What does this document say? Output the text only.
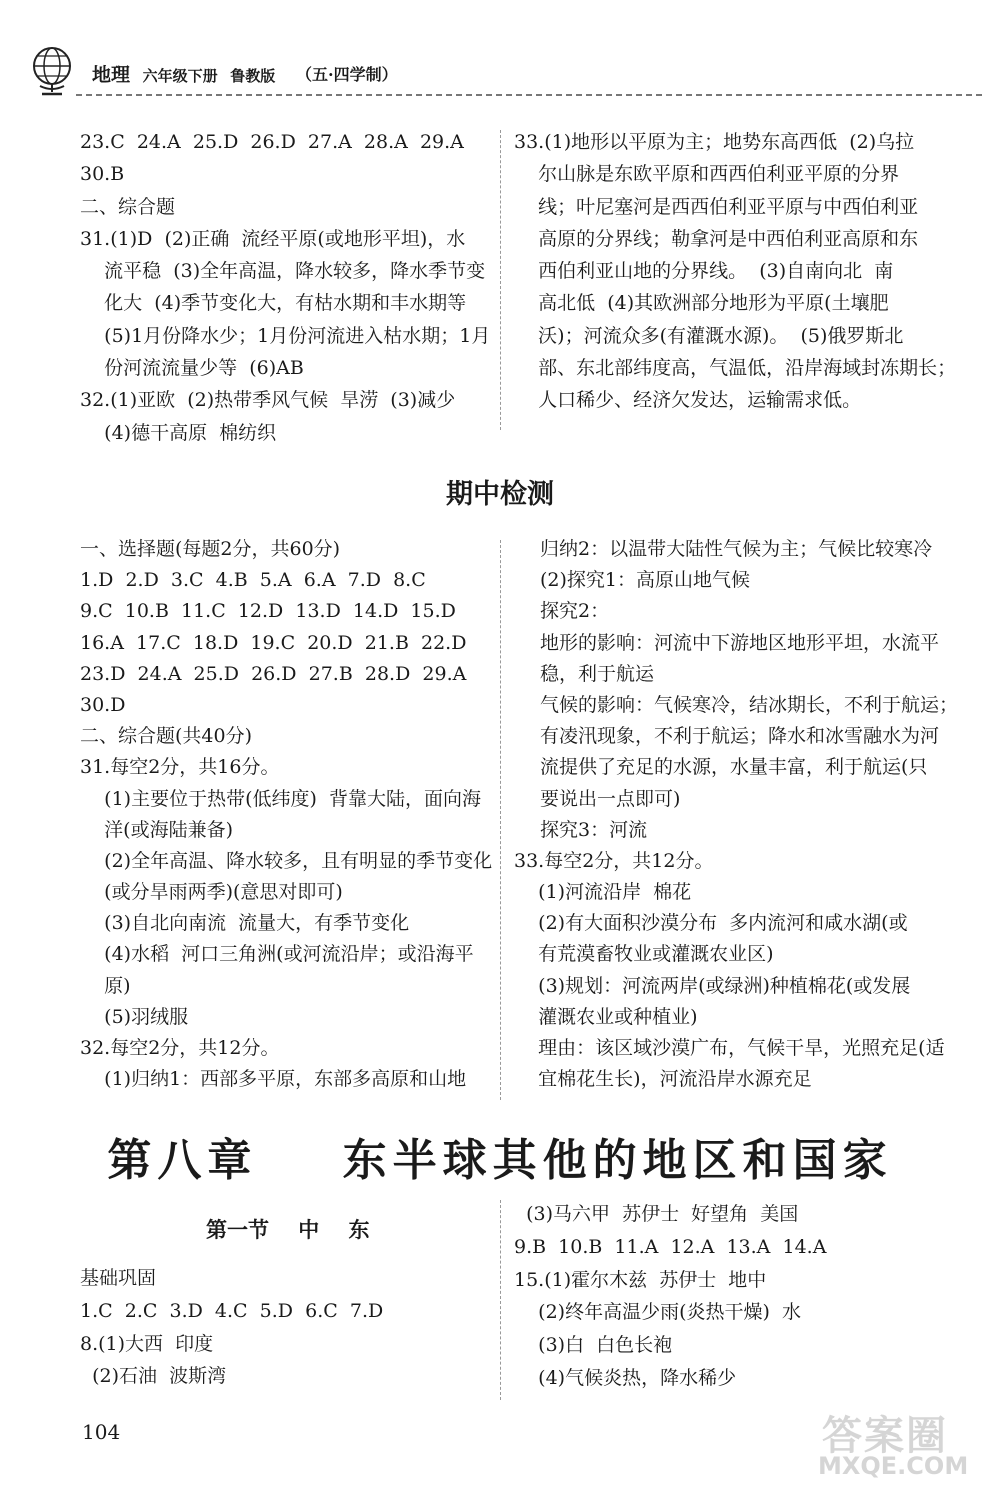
地理 六年级下册 鲁教版 （五·四学制）
23.C  24.A  25.D  26.D  27.A  28.A  29.A
30.B
二、综合题
31.(1)D  (2)正确  流经平原(或地形平坦)，水
流平稳  (3)全年高温，降水较多，降水季节变
化大  (4)季节变化大，有枯水期和丰水期等
(5)1月份降水少；1月份河流进入枯水期；1月
份河流流量少等  (6)AB
32.(1)亚欧  (2)热带季风气候  旱涝  (3)减少
(4)德干高原  棉纺织
33.(1)地形以平原为主；地势东高西低  (2)乌拉
尔山脉是东欧平原和西西伯利亚平原的分界
线；叶尼塞河是西西伯利亚平原与中西伯利亚
高原的分界线；勒拿河是中西伯利亚高原和东
西伯利亚山地的分界线。  (3)自南向北  南
高北低  (4)其欧洲部分地形为平原(土壤肥
沃)；河流众多(有灌溉水源)。  (5)俄罗斯北
部、东北部纬度高，气温低，沿岸海域封冻期长；
人口稀少、经济欠发达，运输需求低。
期中检测
一、选择题(每题2分，共60分)
1.D  2.D  3.C  4.B  5.A  6.A  7.D  8.C
9.C  10.B  11.C  12.D  13.D  14.D  15.D
16.A  17.C  18.D  19.C  20.D  21.B  22.D
23.D  24.A  25.D  26.D  27.B  28.D  29.A
30.D
二、综合题(共40分)
31.每空2分，共16分。
(1)主要位于热带(低纬度)  背靠大陆，面向海
洋(或海陆兼备)
(2)全年高温、降水较多，且有明显的季节变化
(或分旱雨两季)(意思对即可)
(3)自北向南流  流量大，有季节变化
(4)水稻  河口三角洲(或河流沿岸；或沿海平
原)
(5)羽绒服
32.每空2分，共12分。
(1)归纳1：西部多平原，东部多高原和山地
归纳2：以温带大陆性气候为主；气候比较寒冷
(2)探究1：高原山地气候
探究2：
地形的影响：河流中下游地区地形平坦，水流平
稳，利于航运
气候的影响：气候寒冷，结冰期长，不利于航运；
有凌汛现象，不利于航运；降水和冰雪融水为河
流提供了充足的水源，水量丰富，利于航运(只
要说出一点即可)
探究3：河流
33.每空2分，共12分。
(1)河流沿岸  棉花
(2)有大面积沙漠分布  多内流河和咸水湖(或
有荒漠畜牧业或灌溉农业区)
(3)规划：河流两岸(或绿洲)种植棉花(或发展
灌溉农业或种植业)
理由：该区域沙漠广布，气候干旱，光照充足(适
宜棉花生长)，河流沿岸水源充足
第八章    东半球其他的地区和国家
第一节    中    东
基础巩固
1.C  2.C  3.D  4.C  5.D  6.C  7.D
8.(1)大西  印度
(2)石油  波斯湾
(3)马六甲  苏伊士  好望角  美国
9.B  10.B  11.A  12.A  13.A  14.A
15.(1)霍尔木兹  苏伊士  地中
(2)终年高温少雨(炎热干燥)  水
(3)白  白色长袍
(4)气候炎热，降水稀少
104	答案圈
MXQE.COM
